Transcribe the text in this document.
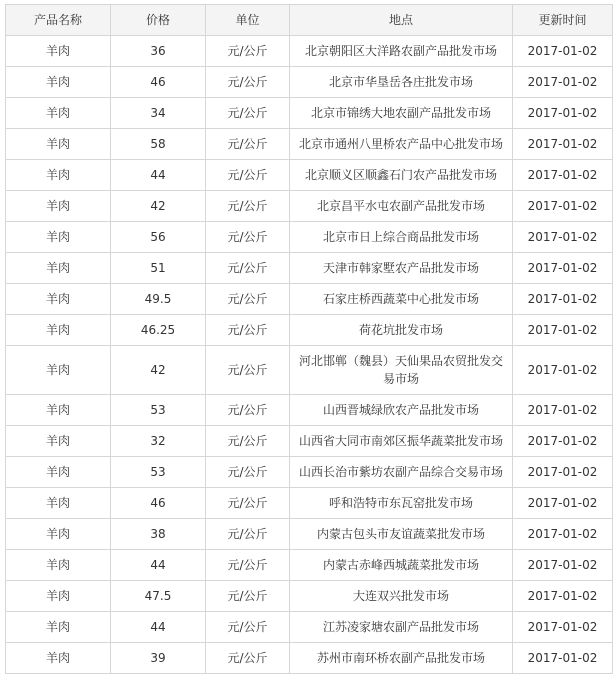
产品名称	价格	单位	地点	更新时间
羊肉	36	元/公斤	北京朝阳区大洋路农副产品批发市场	2017-01-02
羊肉	46	元/公斤	北京市华垦岳各庄批发市场	2017-01-02
羊肉	34	元/公斤	北京市锦绣大地农副产品批发市场	2017-01-02
羊肉	58	元/公斤	北京市通州八里桥农产品中心批发市场	2017-01-02
羊肉	44	元/公斤	北京顺义区顺鑫石门农产品批发市场	2017-01-02
羊肉	42	元/公斤	北京昌平水屯农副产品批发市场	2017-01-02
羊肉	56	元/公斤	北京市日上综合商品批发市场	2017-01-02
羊肉	51	元/公斤	天津市韩家墅农产品批发市场	2017-01-02
羊肉	49.5	元/公斤	石家庄桥西蔬菜中心批发市场	2017-01-02
羊肉	46.25	元/公斤	荷花坑批发市场	2017-01-02
羊肉	42	元/公斤	河北邯郸（魏县）天仙果品农贸批发交易市场	2017-01-02
羊肉	53	元/公斤	山西晋城绿欣农产品批发市场	2017-01-02
羊肉	32	元/公斤	山西省大同市南郊区振华蔬菜批发市场	2017-01-02
羊肉	53	元/公斤	山西长治市紫坊农副产品综合交易市场	2017-01-02
羊肉	46	元/公斤	呼和浩特市东瓦窑批发市场	2017-01-02
羊肉	38	元/公斤	内蒙古包头市友谊蔬菜批发市场	2017-01-02
羊肉	44	元/公斤	内蒙古赤峰西城蔬菜批发市场	2017-01-02
羊肉	47.5	元/公斤	大连双兴批发市场	2017-01-02
羊肉	44	元/公斤	江苏凌家塘农副产品批发市场	2017-01-02
羊肉	39	元/公斤	苏州市南环桥农副产品批发市场	2017-01-02
